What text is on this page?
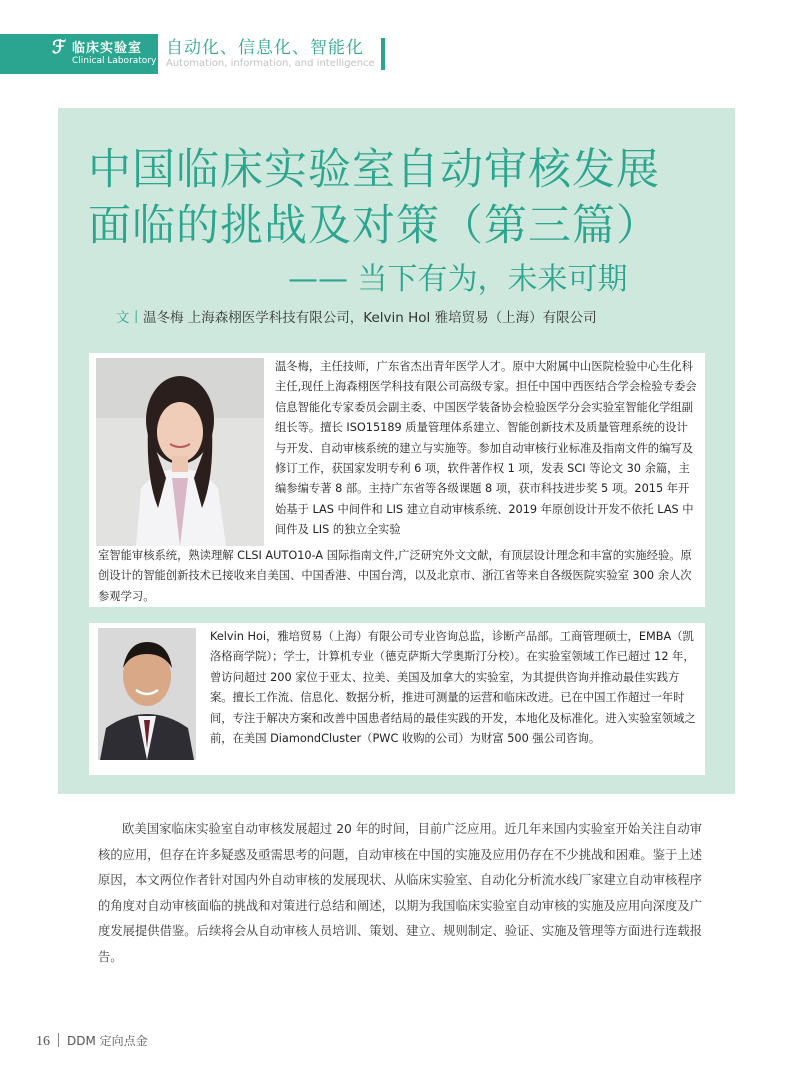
ℱ 临床实验室
Clinical Laboratory
自动化、信息化、智能化
Automation, information, and intelligence
中国临床实验室自动审核发展
面临的挑战及对策（第三篇）
—— 当下有为，未来可期
文丨温冬梅 上海森栩医学科技有限公司，Kelvin Hol 雅培贸易（上海）有限公司
温冬梅，主任技师，广东省杰出青年医学人才。原中大附属中山医院检验中心生化科主任,现任上海森栩医学科技有限公司高级专家。担任中国中西医结合学会检验专委会信息智能化专家委员会副主委、中国医学装备协会检验医学分会实验室智能化学组副组长等。擅长 ISO15189 质量管理体系建立、智能创新技术及质量管理系统的设计与开发、自动审核系统的建立与实施等。参加自动审核行业标准及指南文件的编写及修订工作，获国家发明专利 6 项，软件著作权 1 项，发表 SCI 等论文 30 余篇，主编参编专著 8 部。主持广东省等各级课题 8 项，获市科技进步奖 5 项。2015 年开始基于 LAS 中间件和 LIS 建立自动审核系统、2019 年原创设计开发不依托 LAS 中间件及 LIS 的独立全实验
室智能审核系统，熟读理解 CLSI AUTO10-A 国际指南文件,广泛研究外文文献，有顶层设计理念和丰富的实施经验。原创设计的智能创新技术已接收来自美国、中国香港、中国台湾，以及北京市、浙江省等来自各级医院实验室 300 余人次参观学习。
Kelvin Hoi，雅培贸易（上海）有限公司专业咨询总监，诊断产品部。工商管理硕士，EMBA（凯洛格商学院）；学士，计算机专业（德克萨斯大学奥斯汀分校）。在实验室领域工作已超过 12 年，曾访问超过 200 家位于亚太、拉美、美国及加拿大的实验室，为其提供咨询并推动最佳实践方案。擅长工作流、信息化、数据分析，推进可测量的运营和临床改进。已在中国工作超过一年时间，专注于解决方案和改善中国患者结局的最佳实践的开发，本地化及标准化。进入实验室领域之前，在美国 DiamondCluster（PWC 收购的公司）为财富 500 强公司咨询。
欧美国家临床实验室自动审核发展超过 20 年的时间，目前广泛应用。近几年来国内实验室开始关注自动审核的应用，但存在许多疑惑及亟需思考的问题，自动审核在中国的实施及应用仍存在不少挑战和困难。鉴于上述原因，本文两位作者针对国内外自动审核的发展现状、从临床实验室、自动化分析流水线厂家建立自动审核程序的角度对自动审核面临的挑战和对策进行总结和阐述，以期为我国临床实验室自动审核的实施及应用向深度及广度发展提供借鉴。后续将会从自动审核人员培训、策划、建立、规则制定、验证、实施及管理等方面进行连载报告。
16 DDM 定向点金
